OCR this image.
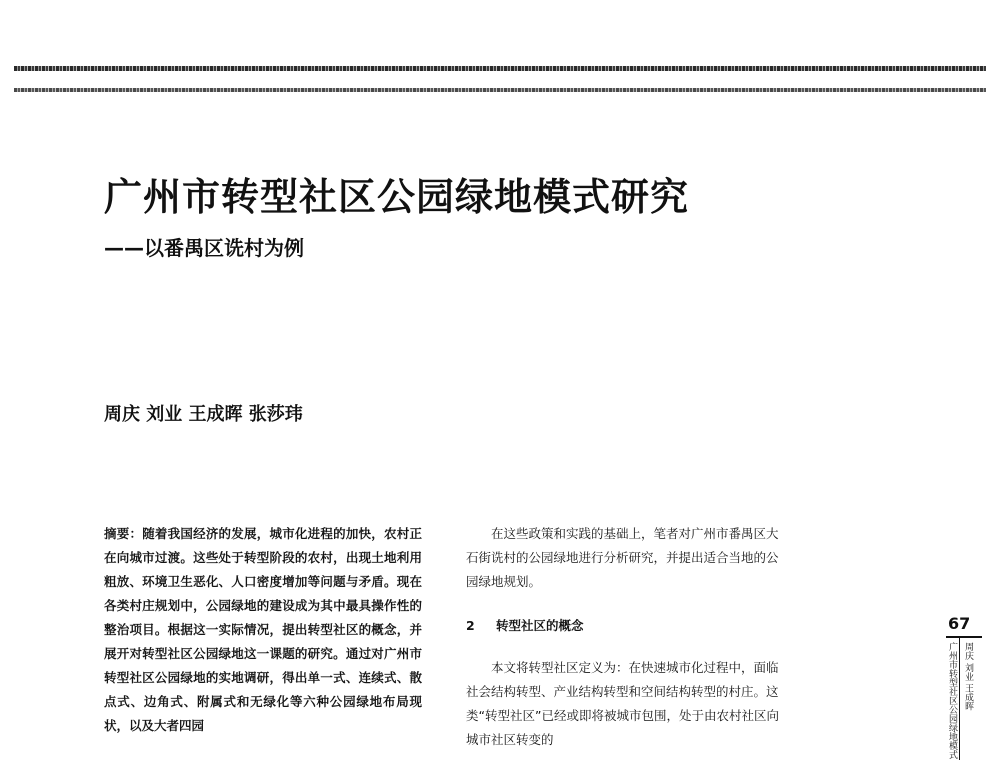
广州市转型社区公园绿地模式研究
——以番禺区诜村为例

周庆 刘业 王成晖 张莎玮

摘要：随着我国经济的发展，城市化进程的加快，农村正在向城市过渡。这些处于转型阶段的农村，出现土地利用粗放、环境卫生恶化、人口密度增加等问题与矛盾。现在各类村庄规划中，公园绿地的建设成为其中最具操作性的整治项目。根据这一实际情况，提出转型社区的概念，并展开对转型社区公园绿地这一课题的研究。通过对广州市转型社区公园绿地的实地调研，得出单一式、连续式、散点式、边角式、附属式和无绿化等六种公园绿地布局现状，以及大者四园

在这些政策和实践的基础上，笔者对广州市番禺区大石街诜村的公园绿地进行分析研究，并提出适合当地的公园绿地规划。

2 转型社区的概念

本文将转型社区定义为：在快速城市化过程中，面临社会结构转型、产业结构转型和空间结构转型的村庄。这类“转型社区”已经或即将被城市包围，处于由农村社区向城市社区转变的

67

广州市转型社区公园绿地模式 周庆 刘业 王成晖
